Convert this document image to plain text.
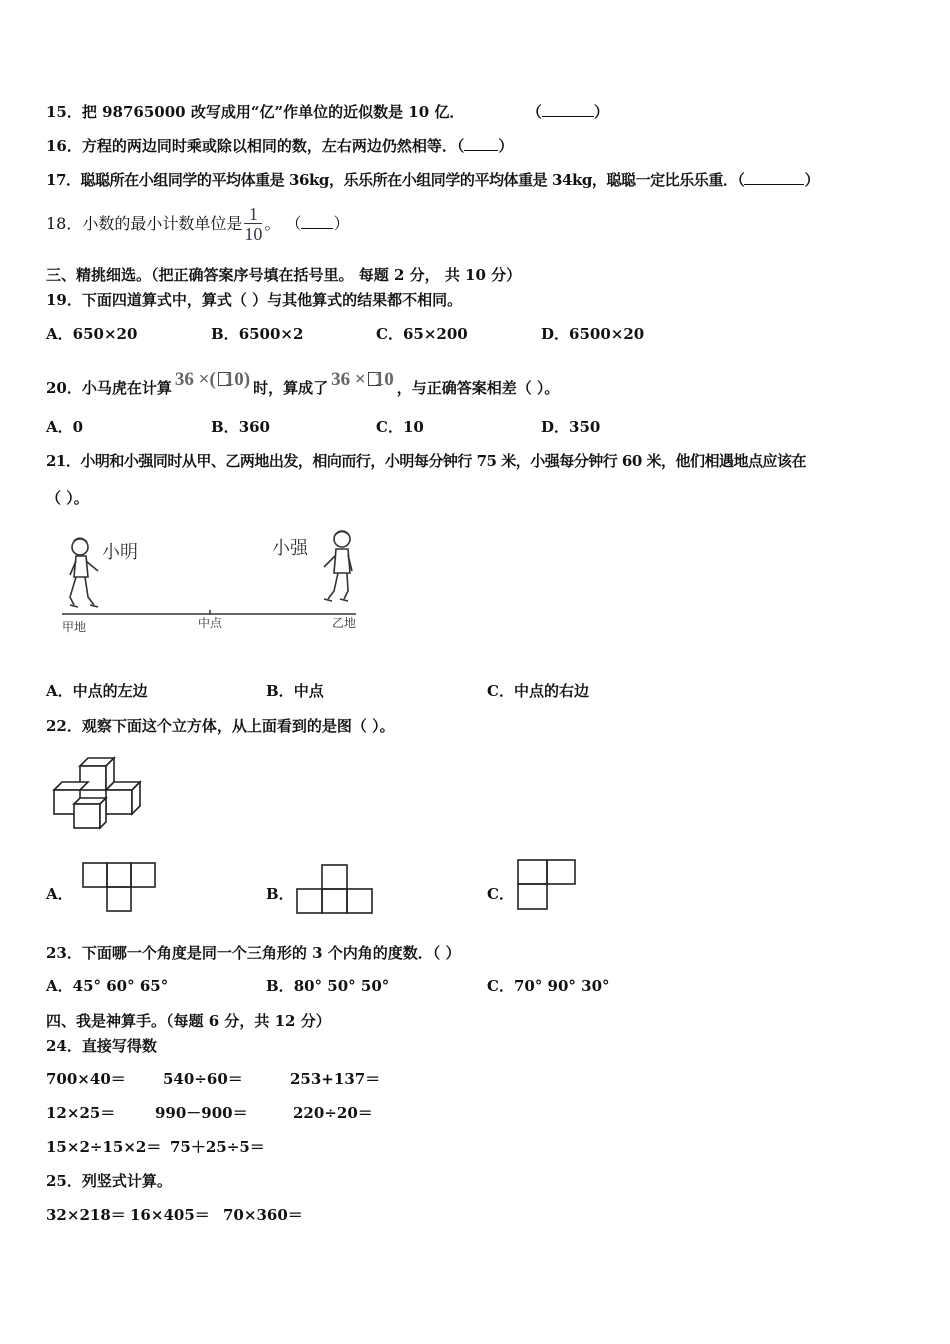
15．把 98765000 改写成用“亿”作单位的近似数是 10 亿．	（	）
16．方程的两边同时乘或除以相同的数，左右两边仍然相等．（ ）
17．聪聪所在小组同学的平均体重是 36kg，乐乐所在小组同学的平均体重是 34kg，聪聪一定比乐乐重．（	）
18．小数的最小计数单位是 $\frac{1}{10}$ 。 （ ）
三、精挑细选。（把正确答案序号填在括号里。 每题 2 分， 共 10 分）
19．下面四道算式中，算式（ ）与其他算式的结果都不相同。
A．650×20	B．6500×2	C．65×200	D．6500×20
20．小马虎在计算 36 ×( 10) 时，算成了 36 × 10 ，与正确答案相差（ ）。
A．0	B．360	C．10	D．350
21．小明和小强同时从甲、乙两地出发，相向而行，小明每分钟行 75 米，小强每分钟行 60 米，他们相遇地点应该在
（ ）。
小明	小强
甲地	中点	乙地
A．中点的左边	B．中点	C．中点的右边
22．观察下面这个立方体，从上面看到的是图（ ）。
A．	B．	C．
23．下面哪一个角度是同一个三角形的 3 个内角的度数．（ ）
A．45° 60° 65°	B．80° 50° 50°	C．70° 90° 30°
四、我是神算手。（每题 6 分，共 12 分）
24．直接写得数
700×40＝ 540÷60＝	253+137＝
12×25＝	990－900＝	220÷20＝
15×2÷15×2＝ 75＋25÷5＝
25．列竖式计算。
32×218＝ 16×405＝ 70×360＝
